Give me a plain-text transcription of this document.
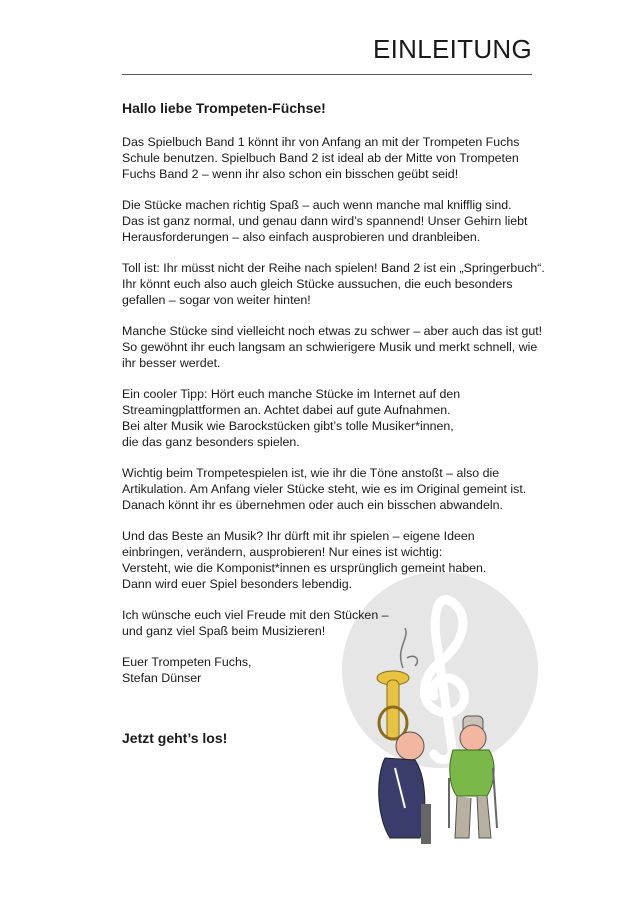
EINLEITUNG

Hallo liebe Trompeten-Füchse!

Das Spielbuch Band 1 könnt ihr von Anfang an mit der Trompeten Fuchs
Schule benutzen. Spielbuch Band 2 ist ideal ab der Mitte von Trompeten
Fuchs Band 2 – wenn ihr also schon ein bisschen geübt seid!

Die Stücke machen richtig Spaß – auch wenn manche mal knifflig sind.
Das ist ganz normal, und genau dann wird’s spannend! Unser Gehirn liebt
Herausforderungen – also einfach ausprobieren und dranbleiben.

Toll ist: Ihr müsst nicht der Reihe nach spielen! Band 2 ist ein „Springerbuch“.
Ihr könnt euch also auch gleich Stücke aussuchen, die euch besonders
gefallen – sogar von weiter hinten!

Manche Stücke sind vielleicht noch etwas zu schwer – aber auch das ist gut!
So gewöhnt ihr euch langsam an schwierigere Musik und merkt schnell, wie
ihr besser werdet.

Ein cooler Tipp: Hört euch manche Stücke im Internet auf den
Streamingplattformen an. Achtet dabei auf gute Aufnahmen.
Bei alter Musik wie Barockstücken gibt’s tolle Musiker*innen,
die das ganz besonders spielen.

Wichtig beim Trompetespielen ist, wie ihr die Töne anstoßt – also die
Artikulation. Am Anfang vieler Stücke steht, wie es im Original gemeint ist.
Danach könnt ihr es übernehmen oder auch ein bisschen abwandeln.

Und das Beste an Musik? Ihr dürft mit ihr spielen – eigene Ideen
einbringen, verändern, ausprobieren! Nur eines ist wichtig:
Versteht, wie die Komponist*innen es ursprünglich gemeint haben.
Dann wird euer Spiel besonders lebendig.

Ich wünsche euch viel Freude mit den Stücken –
und ganz viel Spaß beim Musizieren!

Euer Trompeten Fuchs,
Stefan Dünser

Jetzt geht’s los!
